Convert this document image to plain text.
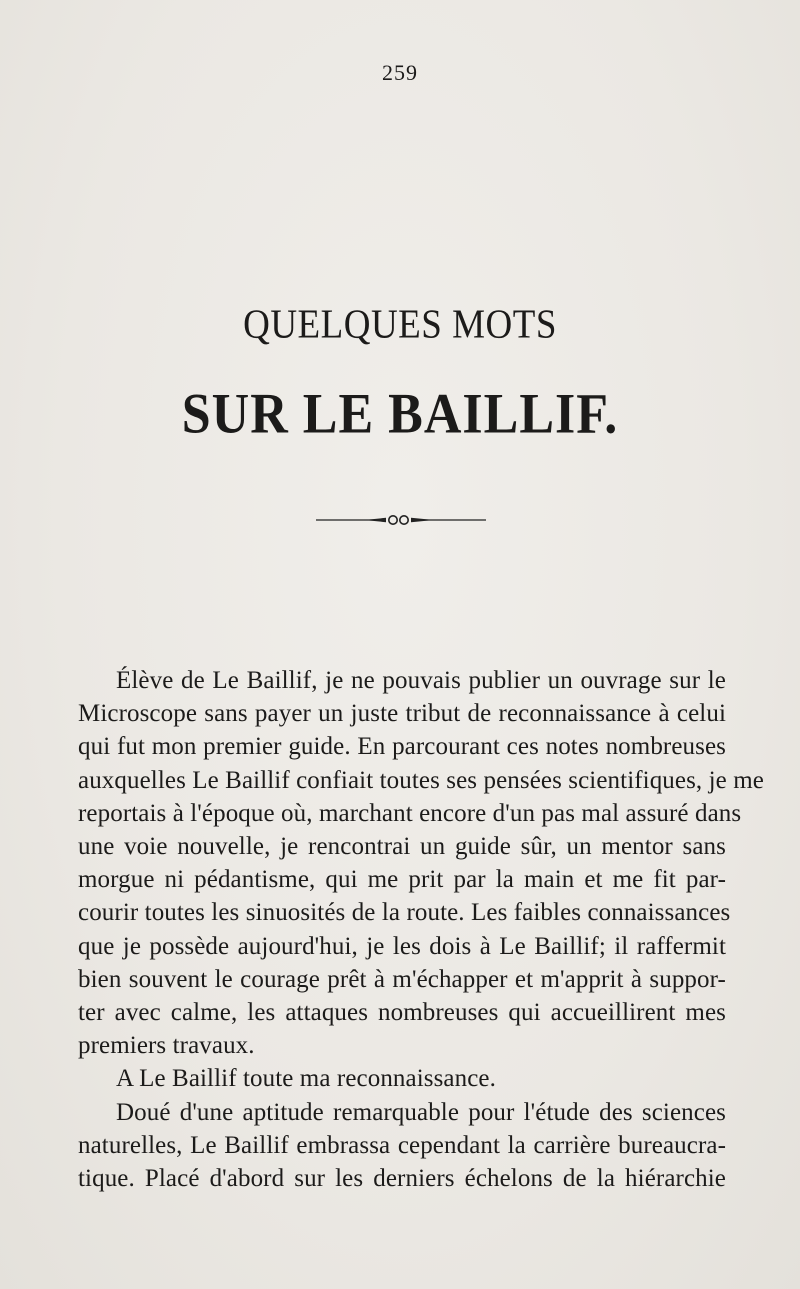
259
QUELQUES MOTS
SUR LE BAILLIF.
Élève de Le Baillif, je ne pouvais publier un ouvrage sur le
Microscope sans payer un juste tribut de reconnaissance à celui
qui fut mon premier guide. En parcourant ces notes nombreuses
auxquelles Le Baillif confiait toutes ses pensées scientifiques, je me
reportais à l'époque où, marchant encore d'un pas mal assuré dans
une voie nouvelle, je rencontrai un guide sûr, un mentor sans
morgue ni pédantisme, qui me prit par la main et me fit par-
courir toutes les sinuosités de la route. Les faibles connaissances
que je possède aujourd'hui, je les dois à Le Baillif; il raffermit
bien souvent le courage prêt à m'échapper et m'apprit à suppor-
ter avec calme, les attaques nombreuses qui accueillirent mes
premiers travaux.
A Le Baillif toute ma reconnaissance.
Doué d'une aptitude remarquable pour l'étude des sciences
naturelles, Le Baillif embrassa cependant la carrière bureaucra-
tique. Placé d'abord sur les derniers échelons de la hiérarchie
